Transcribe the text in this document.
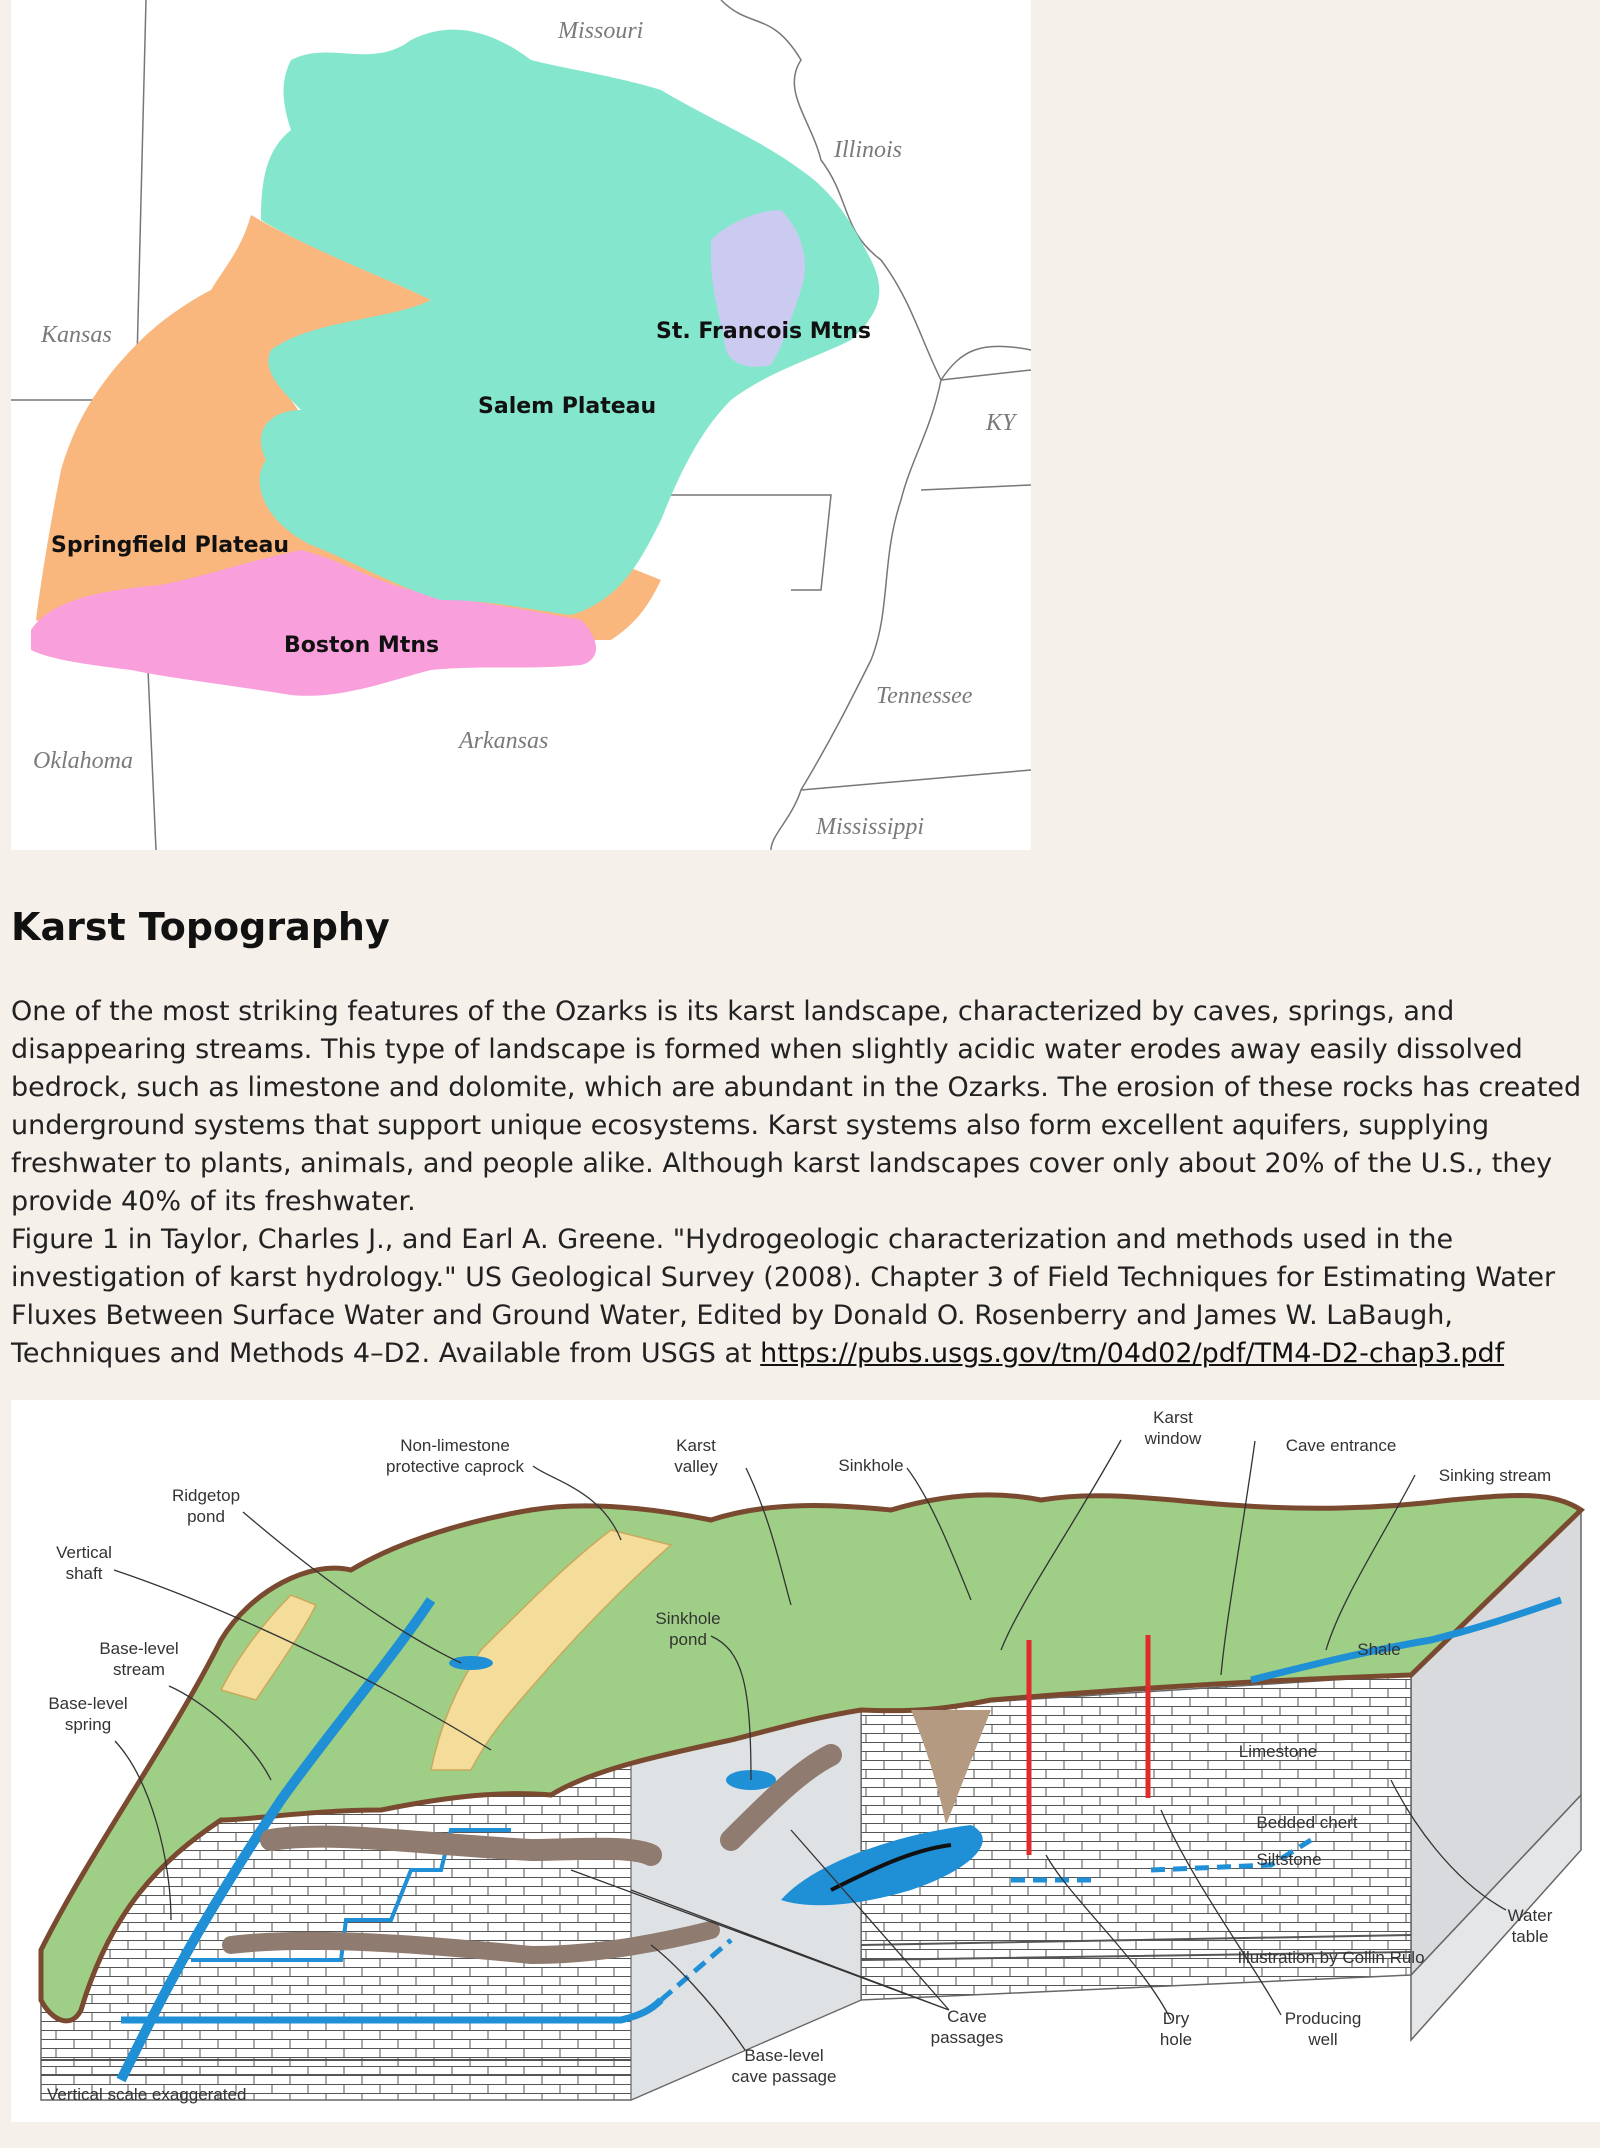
Missouri
Illinois
Kansas
KY
Oklahoma
Arkansas
Tennessee
Mississippi
Salem Plateau
St. Francois Mtns
Springfield Plateau
Boston Mtns
Karst Topography

One of the most striking features of the Ozarks is its karst landscape, characterized by caves, springs, and disappearing streams. This type of landscape is formed when slightly acidic water erodes away easily dissolved bedrock, such as limestone and dolomite, which are abundant in the Ozarks. The erosion of these rocks has created underground systems that support unique ecosystems. Karst systems also form excellent aquifers, supplying freshwater to plants, animals, and people alike. Although karst landscapes cover only about 20% of the U.S., they provide 40% of its freshwater.

Figure 1 in Taylor, Charles J., and Earl A. Greene. "Hydrogeologic characterization and methods used in the investigation of karst hydrology." US Geological Survey (2008). Chapter 3 of Field Techniques for Estimating Water Fluxes Between Surface Water and Ground Water, Edited by Donald O. Rosenberry and James W. LaBaugh, Techniques and Methods 4–D2. Available from USGS at https://pubs.usgs.gov/tm/04d02/pdf/TM4-D2-chap3.pdf

Karst
window
Non-limestone
protective caprock
Karst
valley	Sinkhole
Cave entrance
Sinking stream
Ridgetop
pond
Vertical
shaft
Sinkhole
pond
Base-level
stream
Base-level
spring
Shale
Limestone
Bedded chert
Siltstone
Water
table
Illustration by Collin Rulo
Cave
passages
Dry
hole
Producing
well
Base-level
cave passage
Vertical scale exaggerated
